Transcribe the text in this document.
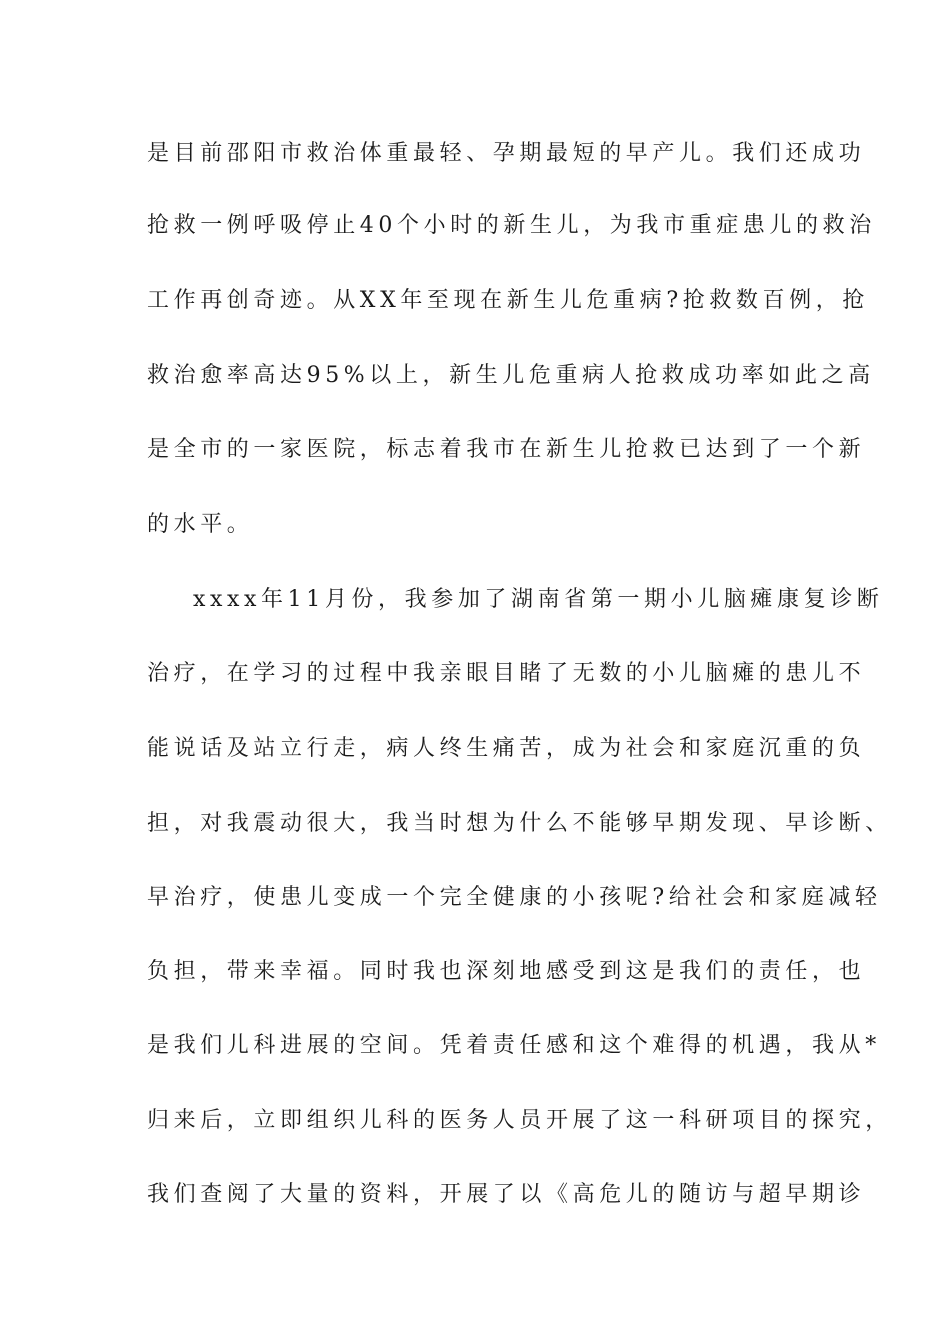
是目前邵阳市救治体重最轻、孕期最短的早产儿。我们还成功
抢救一例呼吸停止40个小时的新生儿，为我市重症患儿的救治
工作再创奇迹。从XX年至现在新生儿危重病?抢救数百例，抢
救治愈率高达95%以上，新生儿危重病人抢救成功率如此之高
是全市的一家医院，标志着我市在新生儿抢救已达到了一个新
的水平。
xxxx年11月份，我参加了湖南省第一期小儿脑瘫康复诊断
治疗，在学习的过程中我亲眼目睹了无数的小儿脑瘫的患儿不
能说话及站立行走，病人终生痛苦，成为社会和家庭沉重的负
担，对我震动很大，我当时想为什么不能够早期发现、早诊断、
早治疗，使患儿变成一个完全健康的小孩呢?给社会和家庭减轻
负担，带来幸福。同时我也深刻地感受到这是我们的责任，也
是我们儿科进展的空间。凭着责任感和这个难得的机遇，我从*
归来后，立即组织儿科的医务人员开展了这一科研项目的探究，
我们查阅了大量的资料，开展了以《高危儿的随访与超早期诊
